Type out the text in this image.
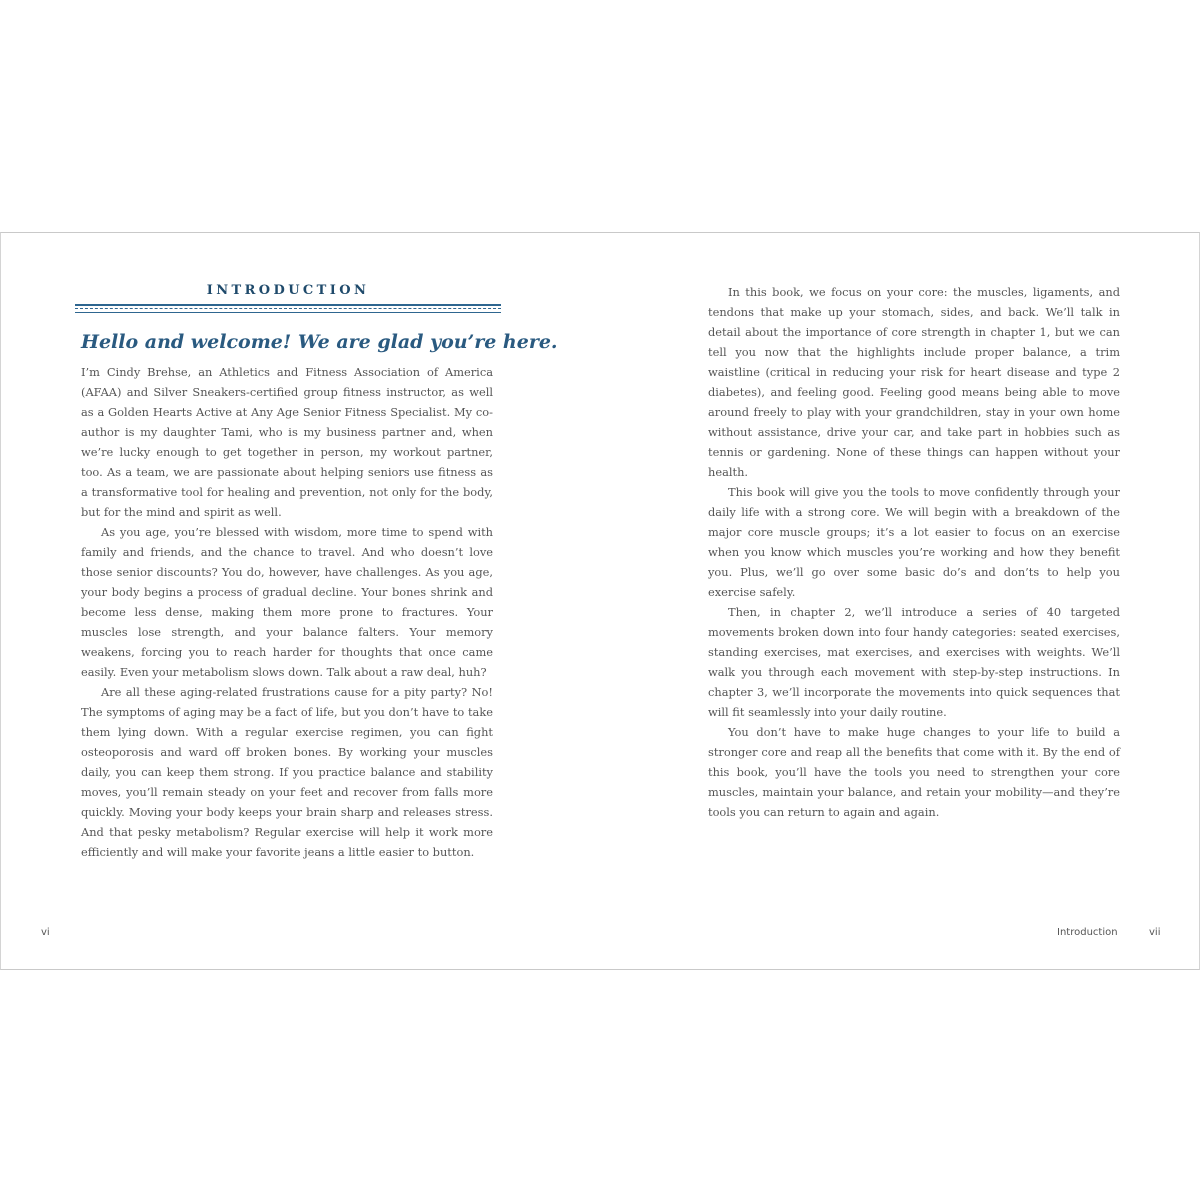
INTRODUCTION
Hello and welcome! We are glad you’re here.

I’m Cindy Brehse, an Athletics and Fitness Association of America (AFAA) and Silver Sneakers-certified group fitness instructor, as well as a Golden Hearts Active at Any Age Senior Fitness Specialist. My co-author is my daughter Tami, who is my business partner and, when we’re lucky enough to get together in person, my workout partner, too. As a team, we are passionate about helping seniors use fitness as a transformative tool for healing and prevention, not only for the body, but for the mind and spirit as well.

As you age, you’re blessed with wisdom, more time to spend with family and friends, and the chance to travel. And who doesn’t love those senior discounts? You do, however, have challenges. As you age, your body begins a process of gradual decline. Your bones shrink and become less dense, making them more prone to fractures. Your muscles lose strength, and your balance falters. Your memory weakens, forcing you to reach harder for thoughts that once came easily. Even your metabolism slows down. Talk about a raw deal, huh?

Are all these aging-related frustrations cause for a pity party? No! The symptoms of aging may be a fact of life, but you don’t have to take them lying down. With a regular exercise regimen, you can fight osteoporosis and ward off broken bones. By working your muscles daily, you can keep them strong. If you practice balance and stability moves, you’ll remain steady on your feet and recover from falls more quickly. Moving your body keeps your brain sharp and releases stress. And that pesky metabolism? Regular exercise will help it work more efficiently and will make your favorite jeans a little easier to button.

vi

In this book, we focus on your core: the muscles, ligaments, and tendons that make up your stomach, sides, and back. We’ll talk in detail about the importance of core strength in chapter 1, but we can tell you now that the highlights include proper balance, a trim waistline (critical in reducing your risk for heart disease and type 2 diabetes), and feeling good. Feeling good means being able to move around freely to play with your grandchildren, stay in your own home without assistance, drive your car, and take part in hobbies such as tennis or gardening. None of these things can happen without your health.

This book will give you the tools to move confidently through your daily life with a strong core. We will begin with a breakdown of the major core muscle groups; it’s a lot easier to focus on an exercise when you know which muscles you’re working and how they benefit you. Plus, we’ll go over some basic do’s and don’ts to help you exercise safely.

Then, in chapter 2, we’ll introduce a series of 40 targeted movements broken down into four handy categories: seated exercises, standing exercises, mat exercises, and exercises with weights. We’ll walk you through each movement with step-by-step instructions. In chapter 3, we’ll incorporate the movements into quick sequences that will fit seamlessly into your daily routine.

You don’t have to make huge changes to your life to build a stronger core and reap all the benefits that come with it. By the end of this book, you’ll have the tools you need to strengthen your core muscles, maintain your balance, and retain your mobility—and they’re tools you can return to again and again.

Introduction	vii
